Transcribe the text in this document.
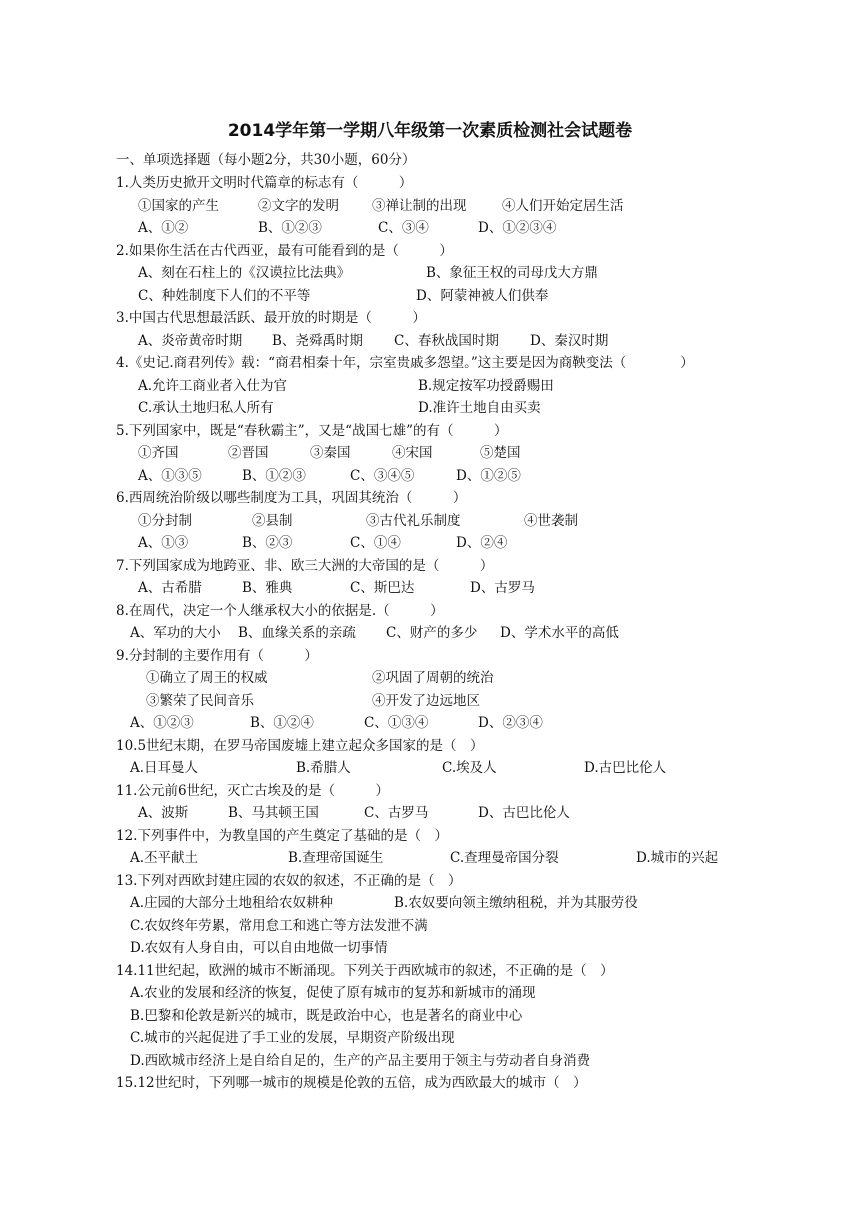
2014学年第一学期八年级第一次素质检测社会试题卷
一、单项选择题（每小题2分，共30小题，60分）
1.人类历史掀开文明时代篇章的标志有（　　　）
①国家的产生	②文字的发明 ③禅让制的出现	④人们开始定居生活
A、①②	B、①②③	C、③④	D、①②③④
2.如果你生活在古代西亚，最有可能看到的是（　　　）
A、刻在石柱上的《汉谟拉比法典》	B、象征王权的司母戊大方鼎
C、种姓制度下人们的不平等	D、阿蒙神被人们供奉
3.中国古代思想最活跃、最开放的时期是（　　　）
A、炎帝黄帝时期 B、尧舜禹时期 C、春秋战国时期 D、秦汉时期
4.《史记.商君列传》载：“商君相秦十年，宗室贵戚多怨望。”这主要是因为商鞅变法（　　　　）
A.允许工商业者入仕为官	B.规定按军功授爵赐田
C.承认土地归私人所有	D.准许土地自由买卖
5.下列国家中，既是“春秋霸主”，又是“战国七雄”的有（　　　）
①齐国	②晋国	③秦国	④宋国	⑤楚国
A、①③⑤	B、①②③	C、③④⑤	D、①②⑤
6.西周统治阶级以哪些制度为工具，巩固其统治（　　　）
①分封制	②县制	③古代礼乐制度	④世袭制
A、①③	B、②③	C、①④	D、②④
7.下列国家成为地跨亚、非、欧三大洲的大帝国的是（　　　）
A、古希腊	B、雅典	C、斯巴达	D、古罗马
8.在周代，决定一个人继承权大小的依据是.（　　　）
A、军功的大小 B、血缘关系的亲疏 C、财产的多少 D、学术水平的高低
9.分封制的主要作用有（　　　）
①确立了周王的权威	②巩固了周朝的统治
③繁荣了民间音乐	④开发了边远地区
A、①②③	B、①②④	C、①③④	D、②③④
10.5世纪末期，在罗马帝国废墟上建立起众多国家的是（　）
A.日耳曼人	B.希腊人	C.埃及人	D.古巴比伦人
11.公元前6世纪，灭亡古埃及的是（　　　）
A、波斯	B、马其顿王国	C、古罗马	D、古巴比伦人
12.下列事件中，为教皇国的产生奠定了基础的是（　）
A.丕平献土	B.查理帝国诞生	C.查理曼帝国分裂	D.城市的兴起
13.下列对西欧封建庄园的农奴的叙述，不正确的是（　）
A.庄园的大部分土地租给农奴耕种	B.农奴要向领主缴纳租税，并为其服劳役
C.农奴终年劳累，常用怠工和逃亡等方法发泄不满
D.农奴有人身自由，可以自由地做一切事情
14.11世纪起，欧洲的城市不断涌现。下列关于西欧城市的叙述，不正确的是（　）
A.农业的发展和经济的恢复，促使了原有城市的复苏和新城市的涌现
B.巴黎和伦敦是新兴的城市，既是政治中心，也是著名的商业中心
C.城市的兴起促进了手工业的发展，早期资产阶级出现
D.西欧城市经济上是自给自足的，生产的产品主要用于领主与劳动者自身消费
15.12世纪时，下列哪一城市的规模是伦敦的五倍，成为西欧最大的城市（　）
